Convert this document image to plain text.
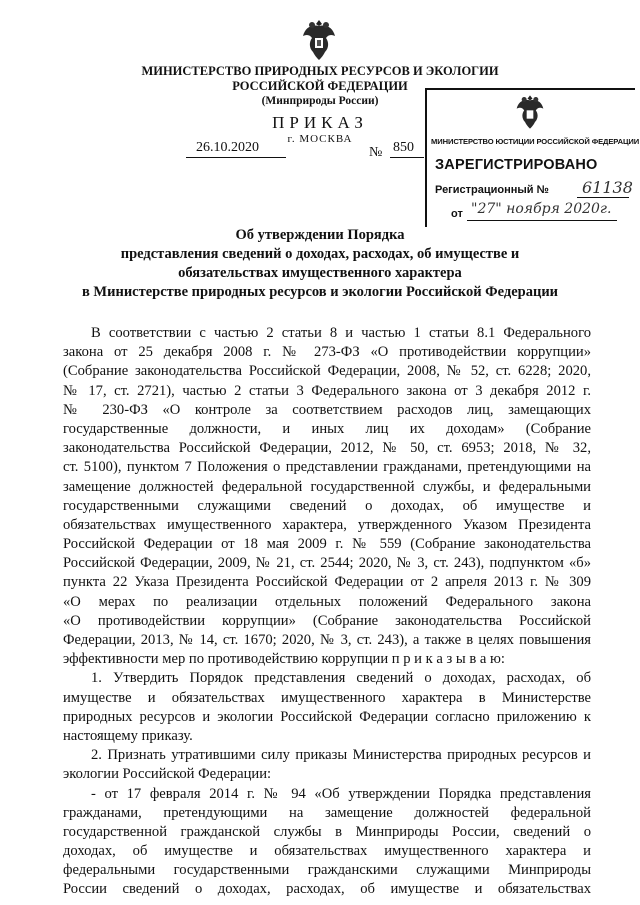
МИНИСТЕРСТВО ПРИРОДНЫХ РЕСУРСОВ И ЭКОЛОГИИ
РОССИЙСКОЙ ФЕДЕРАЦИИ
(Минприроды России)
ПРИКАЗ
г. МОСКВА
26.10.2020	№ 850 МИНИСТЕРСТВО ЮСТИЦИИ РОССИЙСКОЙ ФЕДЕРАЦИИ
ЗАРЕГИСТРИРОВАНО
Регистрационный № 61138
от "27" ноября 2020г.
Об утверждении Порядка
представления сведений о доходах, расходах, об имуществе и
обязательствах имущественного характера
в Министерстве природных ресурсов и экологии Российской Федерации
В соответствии с частью 2 статьи 8 и частью 1 статьи 8.1 Федерального
закона от 25 декабря 2008 г. № 273-ФЗ «О противодействии коррупции»
(Собрание законодательства Российской Федерации, 2008, № 52, ст. 6228; 2020,
№ 17, ст. 2721), частью 2 статьи 3 Федерального закона от 3 декабря 2012 г.
№ 230-ФЗ «О контроле за соответствием расходов лиц, замещающих
государственные должности, и иных лиц их доходам» (Собрание
законодательства Российской Федерации, 2012, № 50, ст. 6953; 2018, № 32,
ст. 5100), пунктом 7 Положения о представлении гражданами, претендующими на
замещение должностей федеральной государственной службы, и федеральными
государственными служащими сведений о доходах, об имуществе и
обязательствах имущественного характера, утвержденного Указом Президента
Российской Федерации от 18 мая 2009 г. № 559 (Собрание законодательства
Российской Федерации, 2009, № 21, ст. 2544; 2020, № 3, ст. 243), подпунктом «б»
пункта 22 Указа Президента Российской Федерации от 2 апреля 2013 г. № 309
«О мерах по реализации отдельных положений Федерального закона
«О противодействии коррупции» (Собрание законодательства Российской
Федерации, 2013, № 14, ст. 1670; 2020, № 3, ст. 243), а также в целях повышения
эффективности мер по противодействию коррупции п р и к а з ы в а ю:
1. Утвердить Порядок представления сведений о доходах, расходах, об
имуществе и обязательствах имущественного характера в Министерстве
природных ресурсов и экологии Российской Федерации согласно приложению к
настоящему приказу.
2. Признать утратившими силу приказы Министерства природных ресурсов и
экологии Российской Федерации:
- от 17 февраля 2014 г. № 94 «Об утверждении Порядка представления
гражданами, претендующими на замещение должностей федеральной
государственной гражданской службы в Минприроды России, сведений о
доходах, об имуществе и обязательствах имущественного характера и
федеральными государственными гражданскими служащими Минприроды
России сведений о доходах, расходах, об имуществе и обязательствах
